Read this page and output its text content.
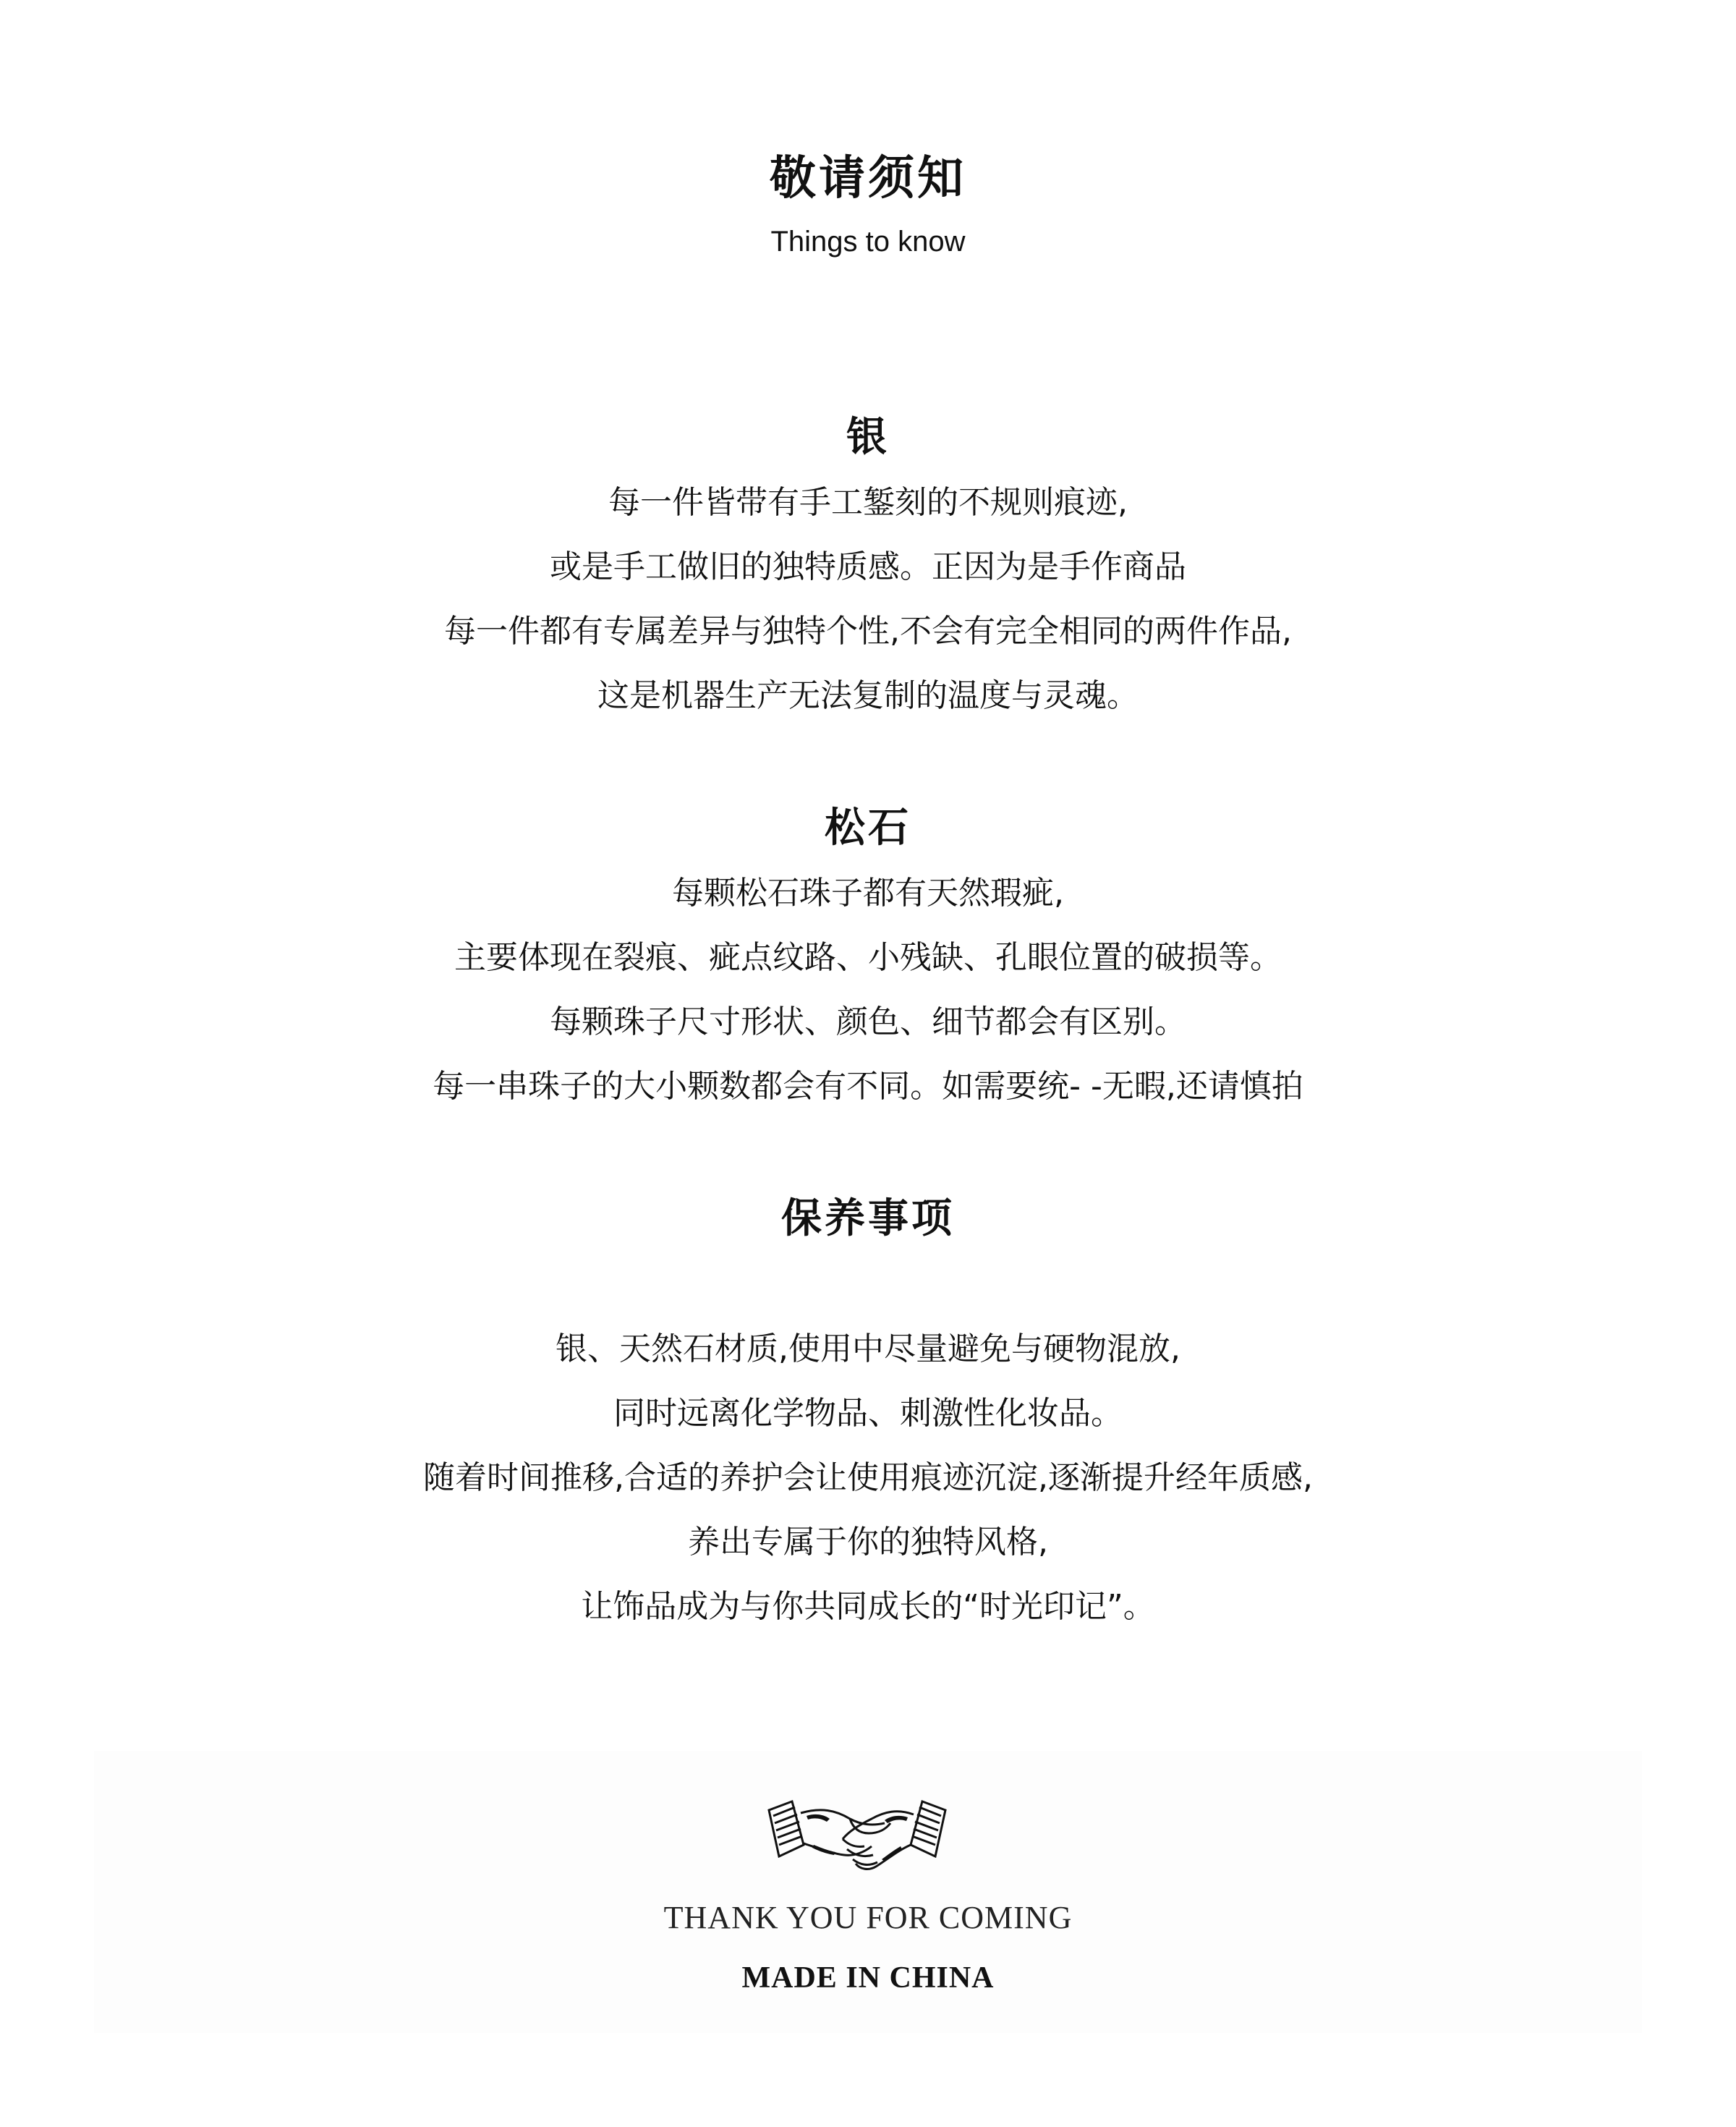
敬请须知
Things to know
银
每一件皆带有手工錾刻的不规则痕迹,
或是手工做旧的独特质感。正因为是手作商品
每一件都有专属差异与独特个性,不会有完全相同的两件作品,
这是机器生产无法复制的温度与灵魂。
松石
每颗松石珠子都有天然瑕疵,
主要体现在裂痕、疵点纹路、小残缺、孔眼位置的破损等。
每颗珠子尺寸形状、颜色、细节都会有区别。
每一串珠子的大小颗数都会有不同。如需要统- -无暇,还请慎拍
保养事项
银、天然石材质,使用中尽量避免与硬物混放,
同时远离化学物品、刺激性化妆品。
随着时间推移,合适的养护会让使用痕迹沉淀,逐渐提升经年质感,
养出专属于你的独特风格,
让饰品成为与你共同成长的“时光印记”。
THANK YOU FOR COMING
MADE IN CHINA
